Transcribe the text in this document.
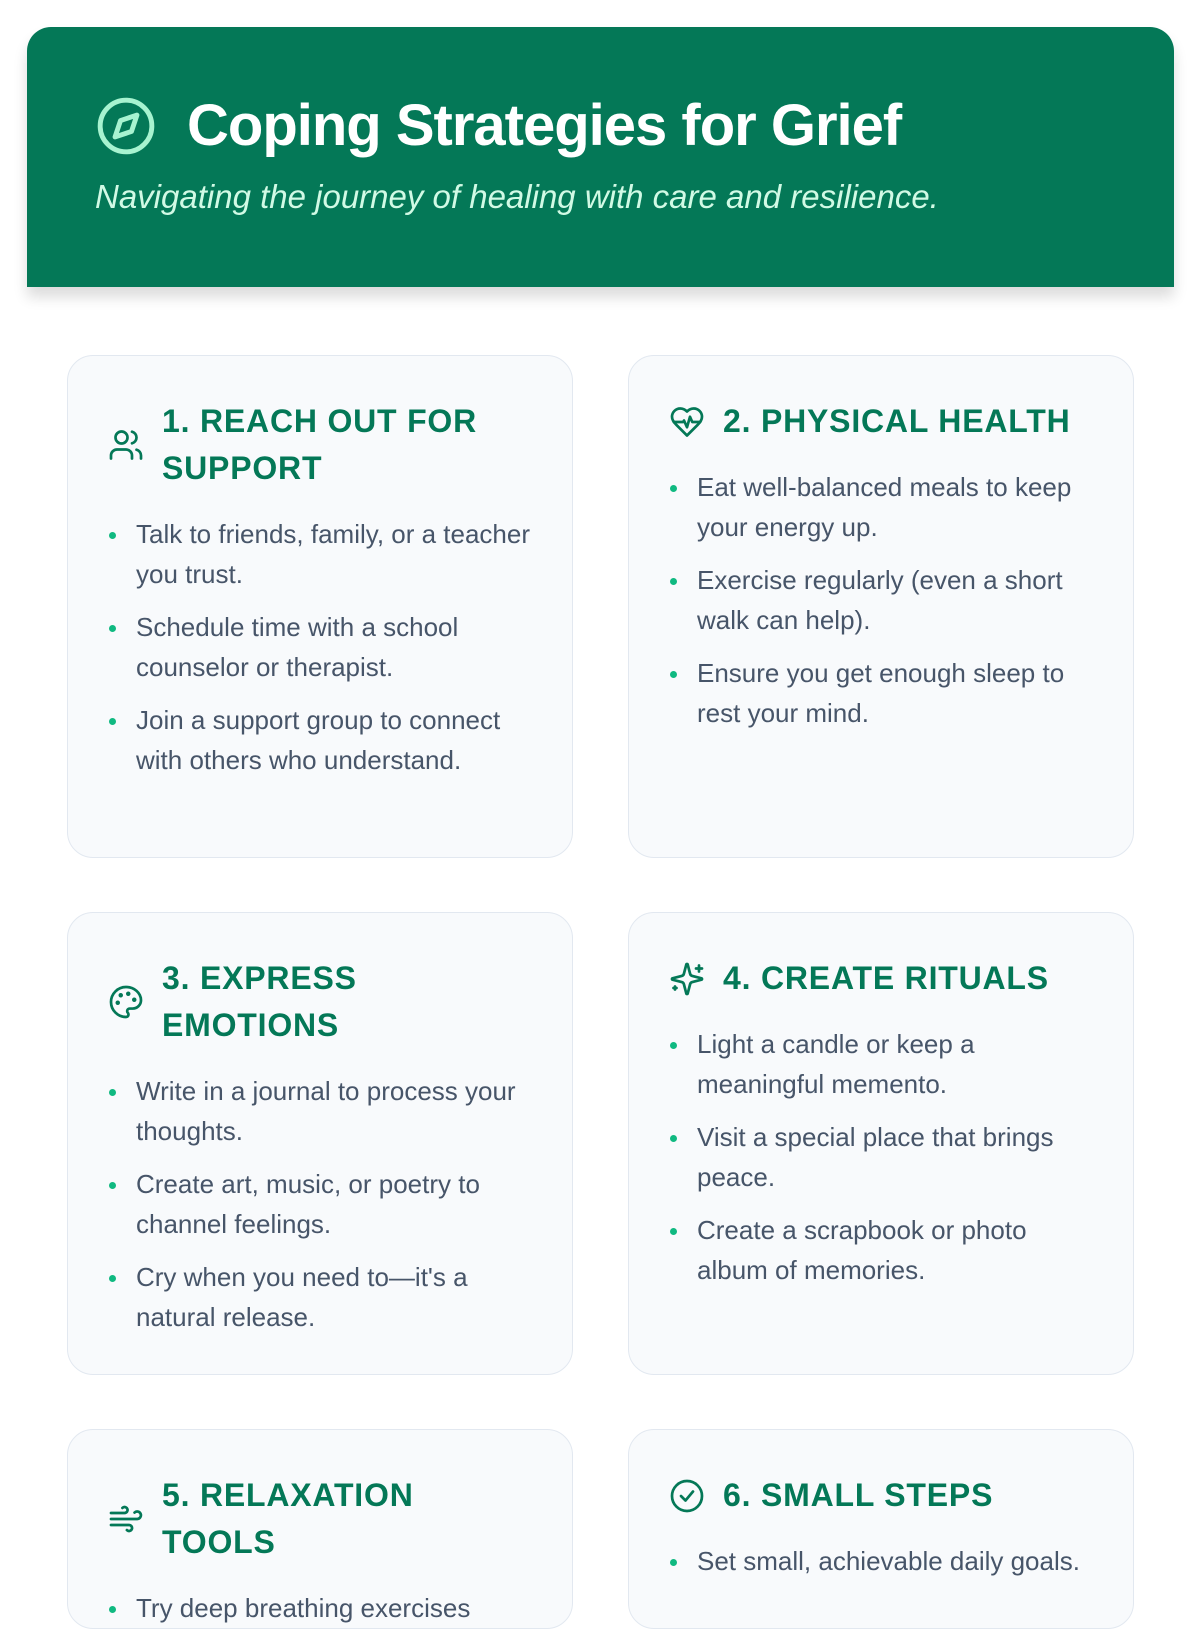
Coping Strategies for Grief

Navigating the journey of healing with care and resilience.

1. REACH OUT FOR SUPPORT
Talk to friends, family, or a teacher you trust.
Schedule time with a school counselor or therapist.
Join a support group to connect with others who understand.
2. PHYSICAL HEALTH
Eat well-balanced meals to keep your energy up.
Exercise regularly (even a short walk can help).
Ensure you get enough sleep to rest your mind.
3. EXPRESS EMOTIONS
Write in a journal to process your thoughts.
Create art, music, or poetry to channel feelings.
Cry when you need to—it's a natural release.
4. CREATE RITUALS
Light a candle or keep a meaningful memento.
Visit a special place that brings peace.
Create a scrapbook or photo album of memories.
5. RELAXATION TOOLS
Try deep breathing exercises
6. SMALL STEPS
Set small, achievable daily goals.
